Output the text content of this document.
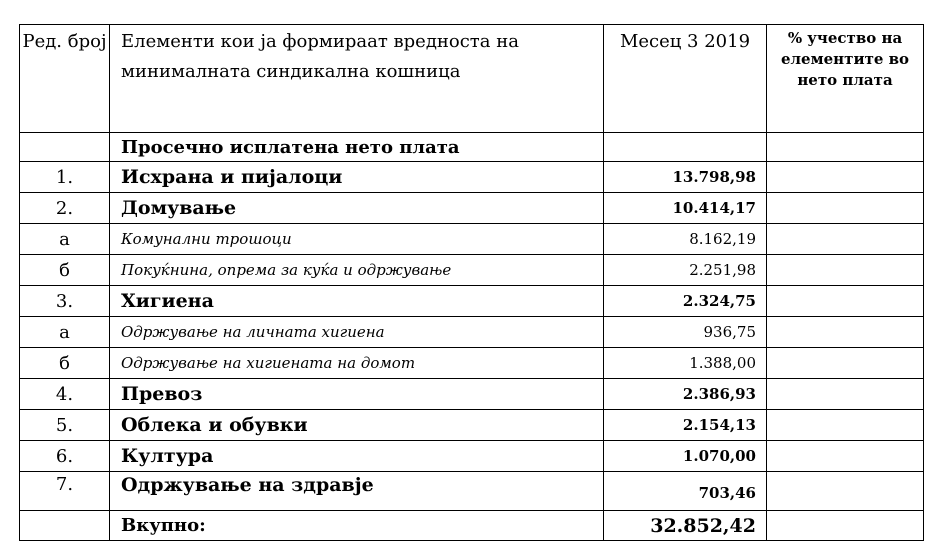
Ред. број	Елементи кои ја формираат вредноста на минималната синдикална кошница	Месец 3 2019	% учество на елементите во нето плата
	Просечно исплатена нето плата		
1.	Исхрана и пијалоци	13.798,98	
2.	Домување	10.414,17	
а	Комунални трошоци	8.162,19	
б	Покуќнина, опрема за куќа и одржување	2.251,98	
3.	Хигиена	2.324,75	
а	Одржување на личната хигиена	936,75	
б	Одржување на хигиената на домот	1.388,00	
4.	Превоз	2.386,93	
5.	Облека и обувки	2.154,13	
6.	Култура	1.070,00	
7.	Одржување на здравје	703,46	
	Вкупно:	32.852,42	
